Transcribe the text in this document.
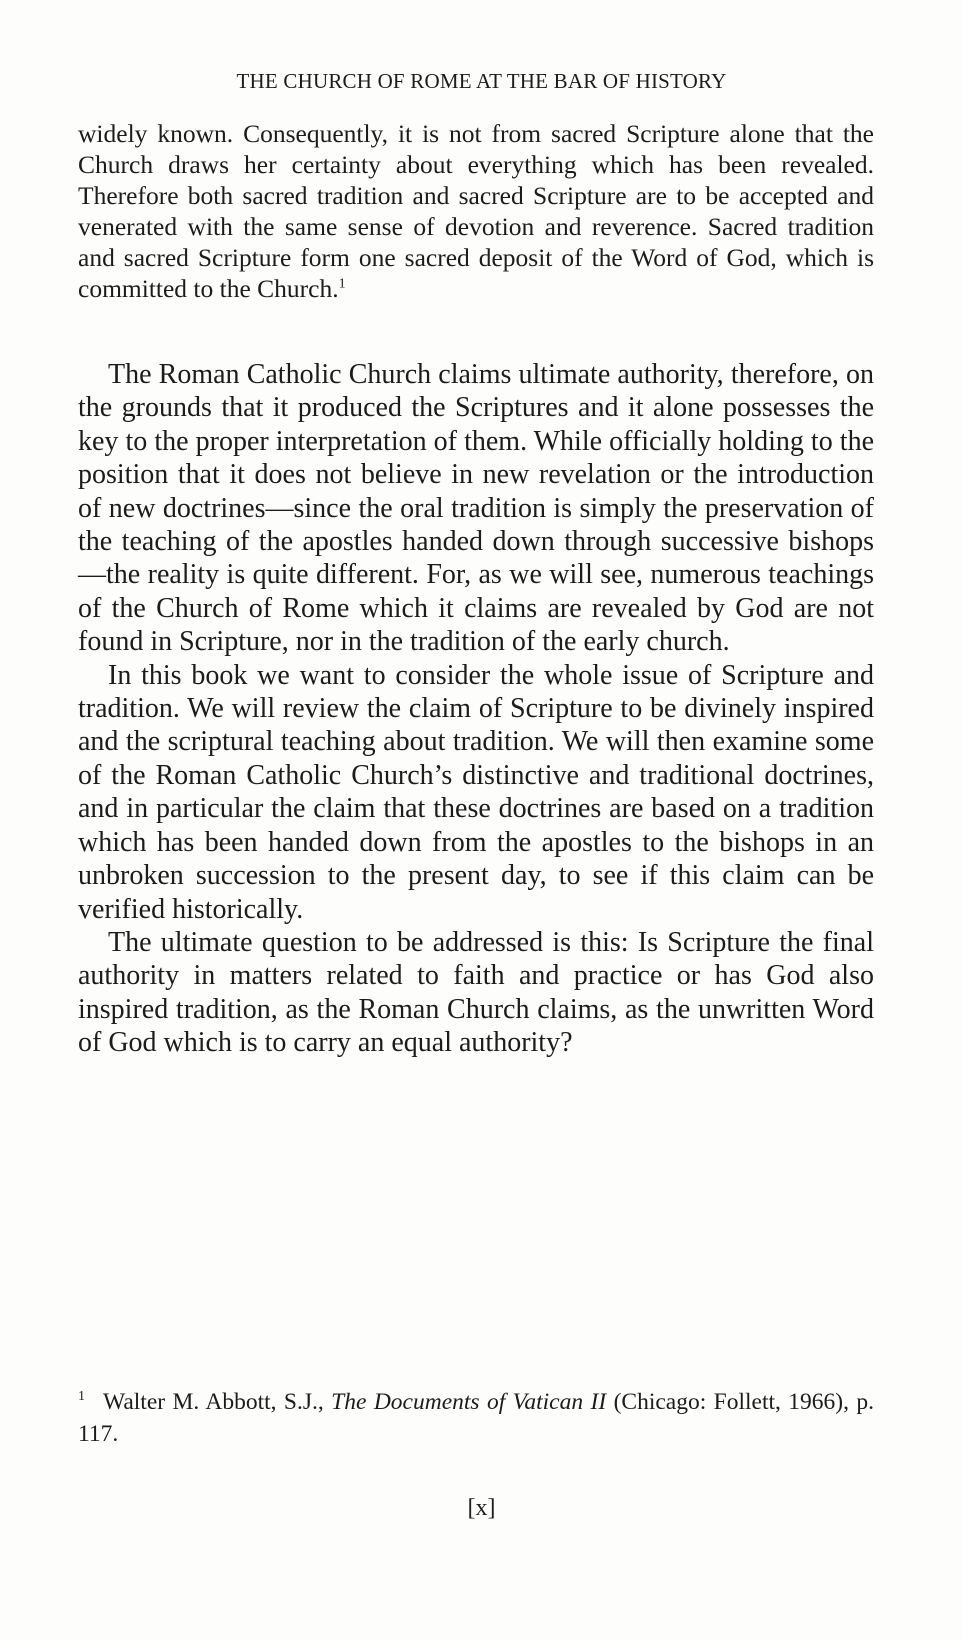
THE CHURCH OF ROME AT THE BAR OF HISTORY

widely known. Consequently, it is not from sacred Scripture alone that the Church draws her certainty about everything which has been revealed. Therefore both sacred tradition and sacred Scripture are to be accepted and venerated with the same sense of devotion and reverence. Sacred tradition and sacred Scripture form one sacred deposit of the Word of God, which is committed to the Church.$^1$

The Roman Catholic Church claims ultimate authority, therefore, on the grounds that it produced the Scriptures and it alone possesses the key to the proper interpretation of them. While officially holding to the position that it does not believe in new revelation or the introduction of new doctrines—since the oral tradition is simply the preservation of the teaching of the apostles handed down through successive bishops—the reality is quite different. For, as we will see, numerous teachings of the Church of Rome which it claims are revealed by God are not found in Scripture, nor in the tradition of the early church.

In this book we want to consider the whole issue of Scripture and tradition. We will review the claim of Scripture to be divinely inspired and the scriptural teaching about tradition. We will then examine some of the Roman Catholic Church’s distinctive and traditional doctrines, and in particular the claim that these doctrines are based on a tradition which has been handed down from the apostles to the bishops in an unbroken succession to the present day, to see if this claim can be verified historically.

The ultimate question to be addressed is this: Is Scripture the final authority in matters related to faith and practice or has God also inspired tradition, as the Roman Church claims, as the unwritten Word of God which is to carry an equal authority?

$^1$ Walter M. Abbott, S.J., The Documents of Vatican II (Chicago: Follett, 1966), p. 117.
[x]
